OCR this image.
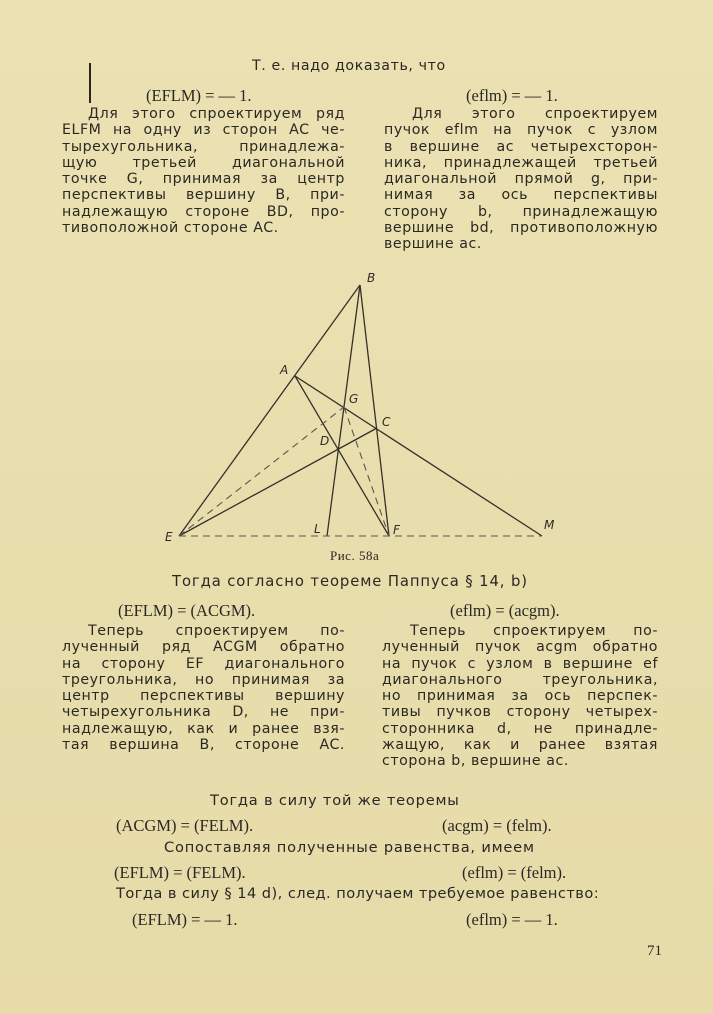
Т. е. надо доказать, что
(EFLM) = — 1.	(eflm) = — 1.
Для этого спроектируем ряд
ELFM на одну из сторон AC че-
тырехугольника, принадлежа-
щую третьей диагональной
точке G, принимая за центр
перспективы вершину B, при-
надлежащую стороне BD, про-
тивоположной стороне AC.
Для этого спроектируем
пучок eflm на пучок с узлом
в вершине ac четырехсторон-
ника, принадлежащей третьей
диагональной прямой g, при-
нимая за ось перспективы
сторону b, принадлежащую
вершине bd, противоположную
вершине ac.
B
A
G
C
D
E
L	F	M
Рис. 58а
Тогда согласно теореме Паппуса § 14, b)
(EFLM) = (ACGM).	(eflm) = (acgm).
Теперь спроектируем по-
лученный ряд ACGM обратно
на сторону EF диагонального
треугольника, но принимая за
центр перспективы вершину
четырехугольника D, не при-
надлежащую, как и ранее взя-
тая вершина B, стороне AC.
Теперь спроектируем по-
лученный пучок acgm обратно
на пучок с узлом в вершине ef
диагонального треугольника,
но принимая за ось перспек-
тивы пучков сторону четырех-
сторонника d, не принадле-
жащую, как и ранее взятая
сторона b, вершине ac.
Тогда в силу той же теоремы
(ACGM) = (FELM).	(acgm) = (felm).
Сопоставляя полученные равенства, имеем
(EFLM) = (FELM).	(eflm) = (felm).
Тогда в силу § 14 d), след. получаем требуемое равенство:
(EFLM) = — 1.	(eflm) = — 1.
71
